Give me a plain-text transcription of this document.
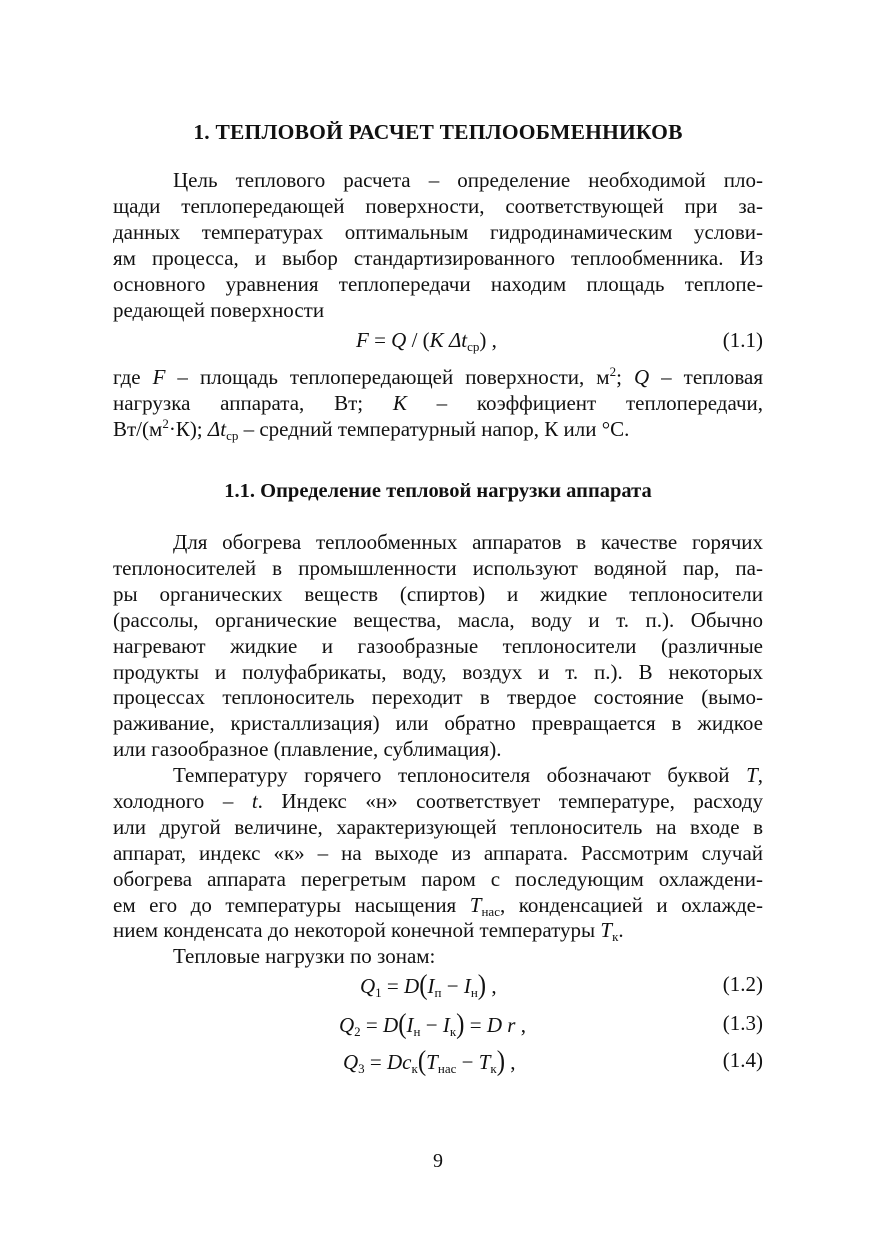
1. ТЕПЛОВОЙ РАСЧЕТ ТЕПЛООБМЕННИКОВ
Цель теплового расчета – определение необходимой пло-
щади теплопередающей поверхности, соответствующей при за-
данных температурах оптимальным гидродинамическим услови-
ям процесса, и выбор стандартизированного теплообменника. Из
основного уравнения теплопередачи находим площадь теплопе-
редающей поверхности
F = Q / (K $\Delta t_{ср}$) ,	(1.1)
где F – площадь теплопередающей поверхности, $м^2$; Q – тепловая
нагрузка аппарата, Вт; К – коэффициент теплопередачи,
$Вт/(м^2\cdot К)$; $\Delta t_{ср}$ – средний температурный напор, К или °С.
1.1. Определение тепловой нагрузки аппарата
Для обогрева теплообменных аппаратов в качестве горячих
теплоносителей в промышленности используют водяной пар, па-
ры органических веществ (спиртов) и жидкие теплоносители
(рассолы, органические вещества, масла, воду и т. п.). Обычно
нагревают жидкие и газообразные теплоносители (различные
продукты и полуфабрикаты, воду, воздух и т. п.). В некоторых
процессах теплоноситель переходит в твердое состояние (вымо-
раживание, кристаллизация) или обратно превращается в жидкое
или газообразное (плавление, сублимация).
Температуру горячего теплоносителя обозначают буквой T,
холодного – t. Индекс «н» соответствует температуре, расходу
или другой величине, характеризующей теплоноситель на входе в
аппарат, индекс «к» – на выходе из аппарата. Рассмотрим случай
обогрева аппарата перегретым паром с последующим охлаждени-
ем его до температуры насыщения $T_{нас}$, конденсацией и охлажде-
нием конденсата до некоторой конечной температуры $T_к$.
Тепловые нагрузки по зонам:
$Q_1 = D(I_п - I_н)$ ,	(1.2)
$Q_2 = D(I_н - I_к) = D$ r ,	(1.3)
$Q_3 = Dc_к(T_{нас} - T_к)$ ,	(1.4)
9
